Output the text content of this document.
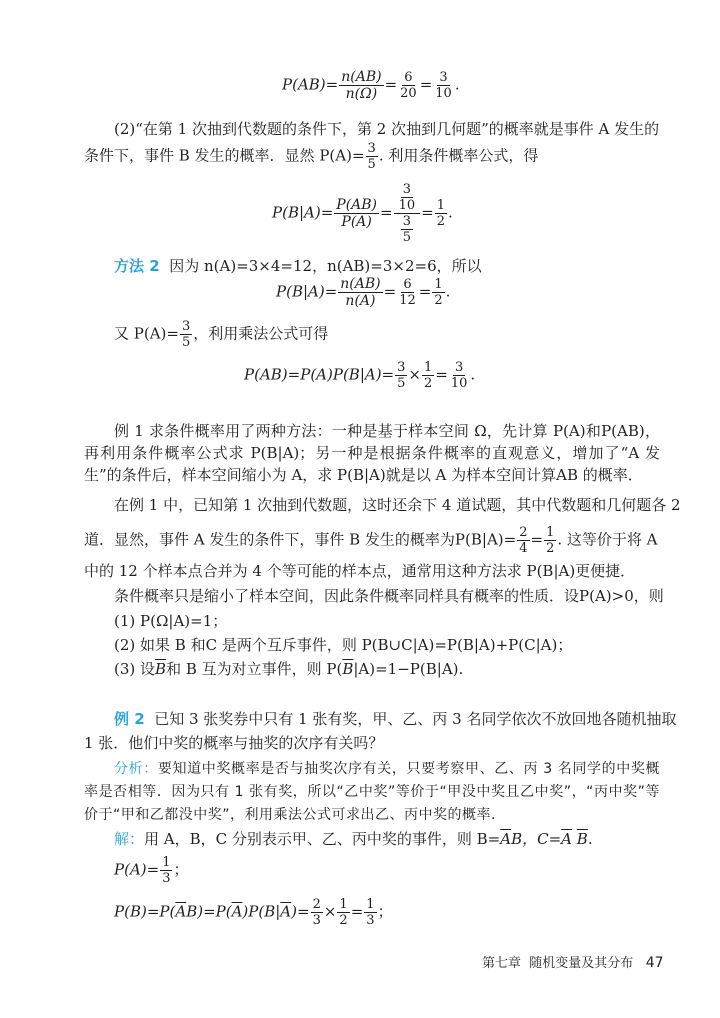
$P(AB)= \frac{n(AB)}{n(\Omega)} = \frac{6}{20} = \frac{3}{10}$ .
(2)“在第 1 次抽到代数题的条件下，第 2 次抽到几何题”的概率就是事件 A 发生的
条件下，事件 B 发生的概率．显然 $P(A)= \frac{3}{5}$ . 利用条件概率公式，得
$P(B|A)= \frac{P(AB)}{P(A)} = \frac{\frac{3}{10}}{\frac{3}{5}} = \frac{1}{2}$ .
方法 2 因为 n(A)=3×4=12，n(AB)=3×2=6，所以
$P(B|A)= \frac{n(AB)}{n(A)} = \frac{6}{12} = \frac{1}{2}$ .
又 $P(A)= \frac{3}{5}$ ，利用乘法公式可得
$P(AB)=P(A)P(B|A)= \frac{3}{5} \times \frac{1}{2} = \frac{3}{10}$ .
例 1 求条件概率用了两种方法：一种是基于样本空间 Ω，先计算 P(A)和P(AB)，再利用条件概率公式求 P(B|A)；另一种是根据条件概率的直观意义，增加了“A 发生”的条件后，样本空间缩小为 A，求 P(B|A)就是以 A 为样本空间计算AB 的概率．
在例 1 中，已知第 1 次抽到代数题，这时还余下 4 道试题，其中代数题和几何题各 2
道．显然，事件 A 发生的条件下，事件 B 发生的概率为$P(B|A)= \frac{2}{4} = \frac{1}{2}$ . 这等价于将 A
中的 12 个样本点合并为 4 个等可能的样本点，通常用这种方法求 P(B|A)更便捷．
条件概率只是缩小了样本空间，因此条件概率同样具有概率的性质．设P(A)>0，则
(1) P(Ω|A)=1；
(2) 如果 B 和C 是两个互斥事件，则 P(B∪C|A)=P(B|A)+P(C|A)；
(3) 设$\overline{B}$和 B 互为对立事件，则 $P(\overline{B}|A)=1-P(B|A)$.
例 2 已知 3 张奖券中只有 1 张有奖，甲、乙、丙 3 名同学依次不放回地各随机抽取
1 张．他们中奖的概率与抽奖的次序有关吗？
分析：要知道中奖概率是否与抽奖次序有关，只要考察甲、乙、丙 3 名同学的中奖概率是否相等．因为只有 1 张有奖，所以“乙中奖”等价于“甲没中奖且乙中奖”，“丙中奖”等价于“甲和乙都没中奖”，利用乘法公式可求出乙、丙中奖的概率．
解：用 A，B，C 分别表示甲、乙、丙中奖的事件，则 $B=\overline{A}B$，$C=\overline{A}$ $\overline{B}$.
$P(A)= \frac{1}{3}$ ；
$P(B)=P(\overline{A}B)=P(\overline{A})P(B|\overline{A})= \frac{2}{3} \times \frac{1}{2} = \frac{1}{3}$ ；
第七章 随机变量及其分布 47
